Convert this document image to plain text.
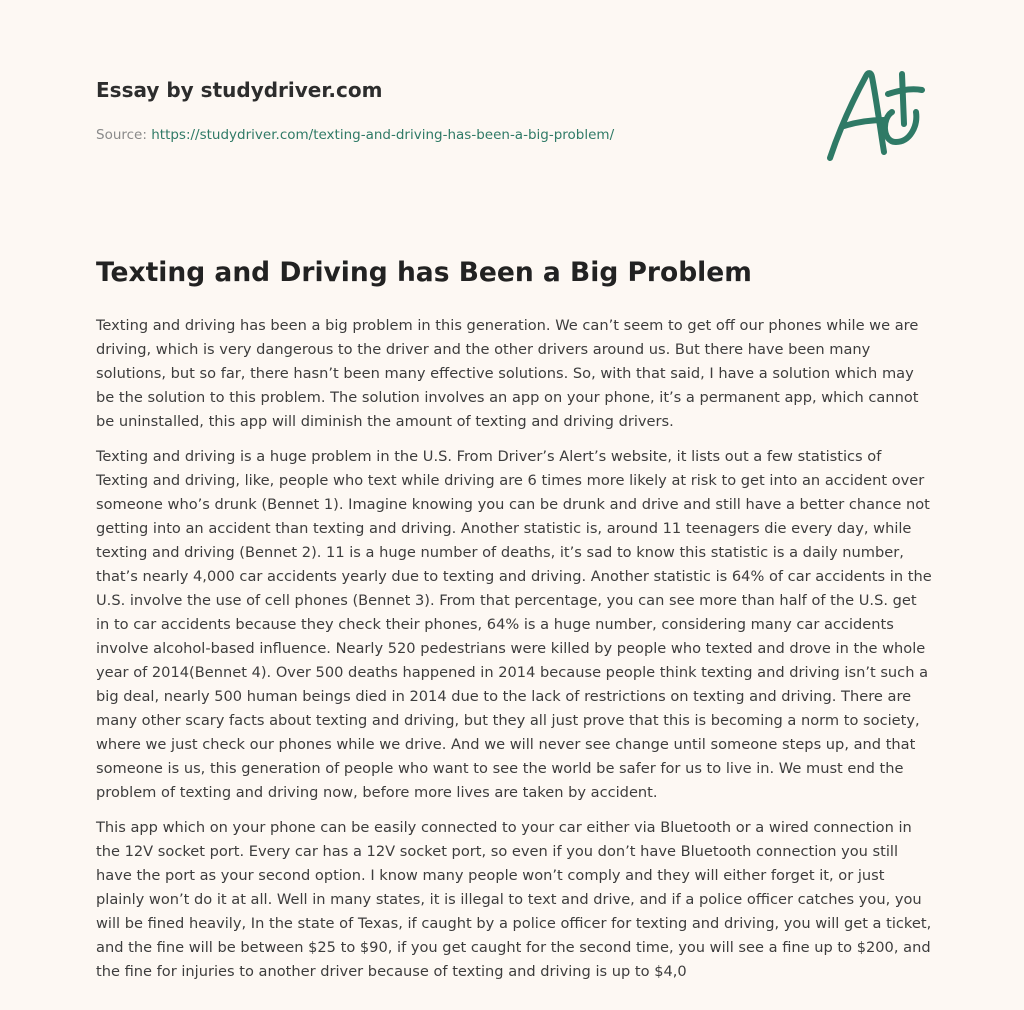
Essay by studydriver.com

Source: https://studydriver.com/texting-and-driving-has-been-a-big-problem/
Texting and Driving has Been a Big Problem

Texting and driving has been a big problem in this generation. We can’t seem to get off our phones while we are driving, which is very dangerous to the driver and the other drivers around us. But there have been many solutions, but so far, there hasn’t been many effective solutions. So, with that said, I have a solution which may be the solution to this problem. The solution involves an app on your phone, it’s a permanent app, which cannot be uninstalled, this app will diminish the amount of texting and driving drivers.

Texting and driving is a huge problem in the U.S. From Driver’s Alert’s website, it lists out a few statistics of Texting and driving, like, people who text while driving are 6 times more likely at risk to get into an accident over someone who’s drunk (Bennet 1). Imagine knowing you can be drunk and drive and still have a better chance not getting into an accident than texting and driving. Another statistic is, around 11 teenagers die every day, while texting and driving (Bennet 2). 11 is a huge number of deaths, it’s sad to know this statistic is a daily number, that’s nearly 4,000 car accidents yearly due to texting and driving. Another statistic is 64% of car accidents in the U.S. involve the use of cell phones (Bennet 3). From that percentage, you can see more than half of the U.S. get in to car accidents because they check their phones, 64% is a huge number, considering many car accidents involve alcohol-based influence. Nearly 520 pedestrians were killed by people who texted and drove in the whole year of 2014(Bennet 4). Over 500 deaths happened in 2014 because people think texting and driving isn’t such a big deal, nearly 500 human beings died in 2014 due to the lack of restrictions on texting and driving. There are many other scary facts about texting and driving, but they all just prove that this is becoming a norm to society, where we just check our phones while we drive. And we will never see change until someone steps up, and that someone is us, this generation of people who want to see the world be safer for us to live in. We must end the problem of texting and driving now, before more lives are taken by accident.

This app which on your phone can be easily connected to your car either via Bluetooth or a wired connection in the 12V socket port. Every car has a 12V socket port, so even if you don’t have Bluetooth connection you still have the port as your second option. I know many people won’t comply and they will either forget it, or just plainly won’t do it at all. Well in many states, it is illegal to text and drive, and if a police officer catches you, you will be fined heavily, In the state of Texas, if caught by a police officer for texting and driving, you will get a ticket, and the fine will be between $25 to $90, if you get caught for the second time, you will see a fine up to $200, and the fine for injuries to another driver because of texting and driving is up to $4,0
